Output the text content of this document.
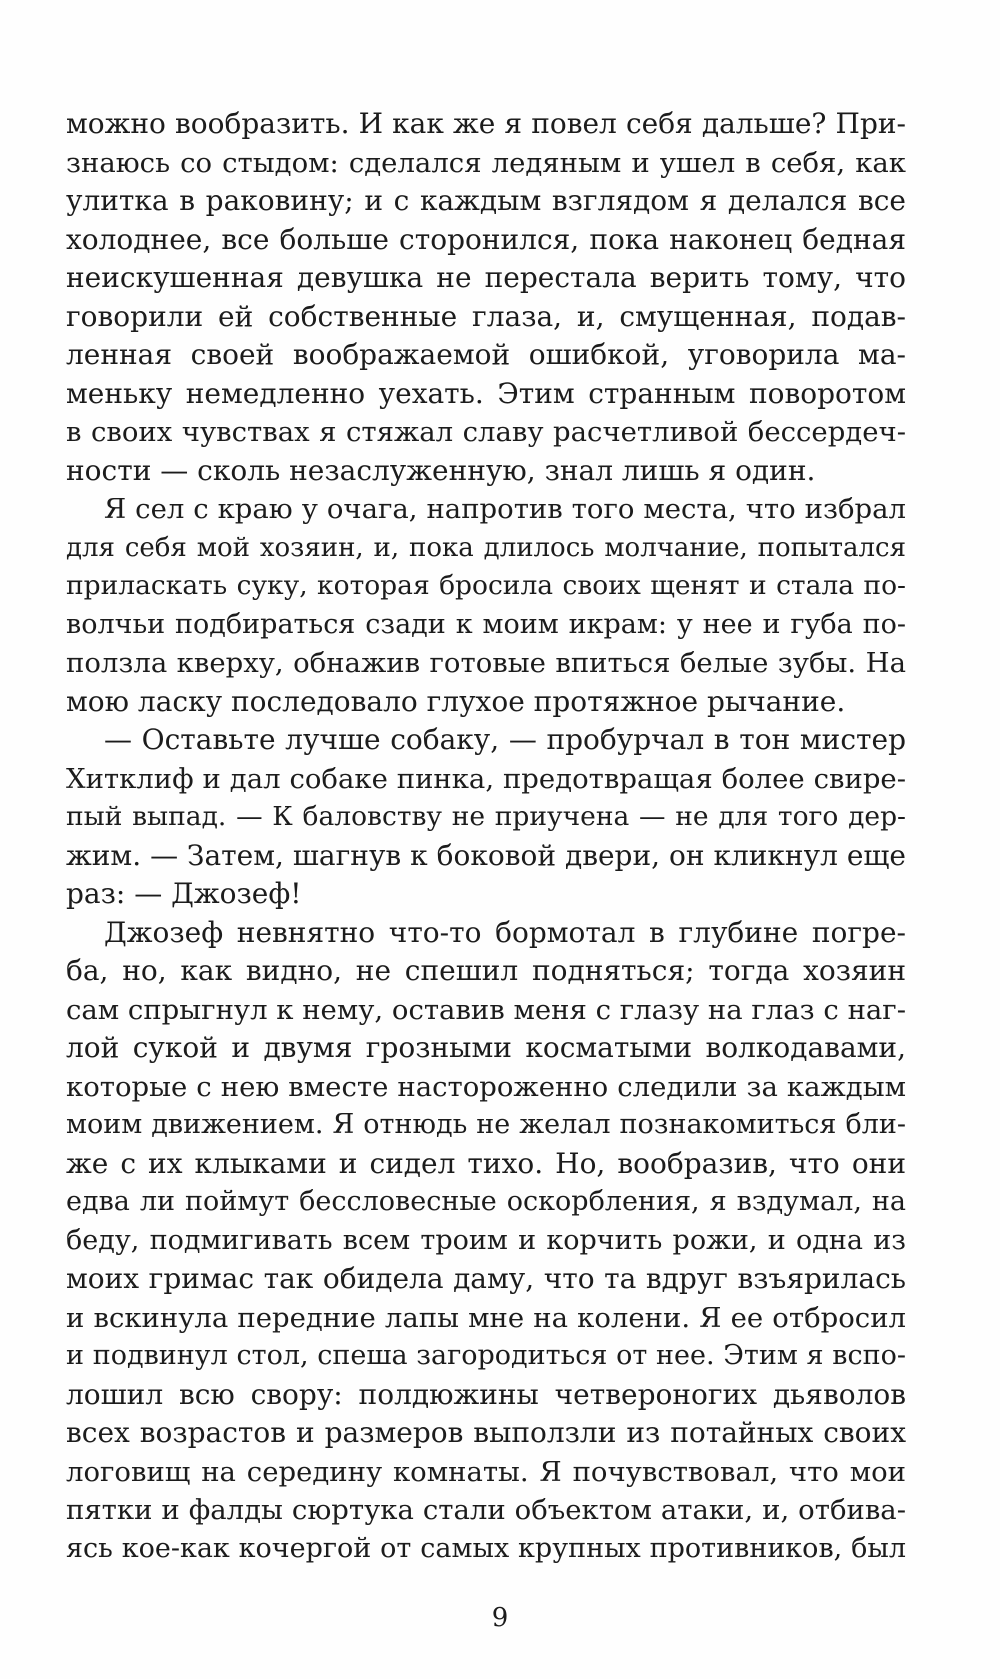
можно вообразить. И как же я повел себя дальше? При-
знаюсь со стыдом: сделался ледяным и ушел в себя, как
улитка в раковину; и с каждым взглядом я делался все
холоднее, все больше сторонился, пока наконец бедная
неискушенная девушка не перестала верить тому, что
говорили ей собственные глаза, и, смущенная, подав-
ленная своей воображаемой ошибкой, уговорила ма-
меньку немедленно уехать. Этим странным поворотом
в своих чувствах я стяжал славу расчетливой бессердеч-
ности — сколь незаслуженную, знал лишь я один.
Я сел с краю у очага, напротив того места, что избрал
для себя мой хозяин, и, пока длилось молчание, попытался
приласкать суку, которая бросила своих щенят и стала по-
волчьи подбираться сзади к моим икрам: у нее и губа по-
ползла кверху, обнажив готовые впиться белые зубы. На
мою ласку последовало глухое протяжное рычание.
— Оставьте лучше собаку, — пробурчал в тон мистер
Хитклиф и дал собаке пинка, предотвращая более свире-
пый выпад. — К баловству не приучена — не для того дер-
жим. — Затем, шагнув к боковой двери, он кликнул еще
раз: — Джозеф!
Джозеф невнятно что-то бормотал в глубине погре-
ба, но, как видно, не спешил подняться; тогда хозяин
сам спрыгнул к нему, оставив меня с глазу на глаз с наг-
лой сукой и двумя грозными косматыми волкодавами,
которые с нею вместе настороженно следили за каждым
моим движением. Я отнюдь не желал познакомиться бли-
же с их клыками и сидел тихо. Но, вообразив, что они
едва ли поймут бессловесные оскорбления, я вздумал, на
беду, подмигивать всем троим и корчить рожи, и одна из
моих гримас так обидела даму, что та вдруг взъярилась
и вскинула передние лапы мне на колени. Я ее отбросил
и подвинул стол, спеша загородиться от нее. Этим я вспо-
лошил всю свору: полдюжины четвероногих дьяволов
всех возрастов и размеров выползли из потайных своих
логовищ на середину комнаты. Я почувствовал, что мои
пятки и фалды сюртука стали объектом атаки, и, отбива-
ясь кое-как кочергой от самых крупных противников, был
9
